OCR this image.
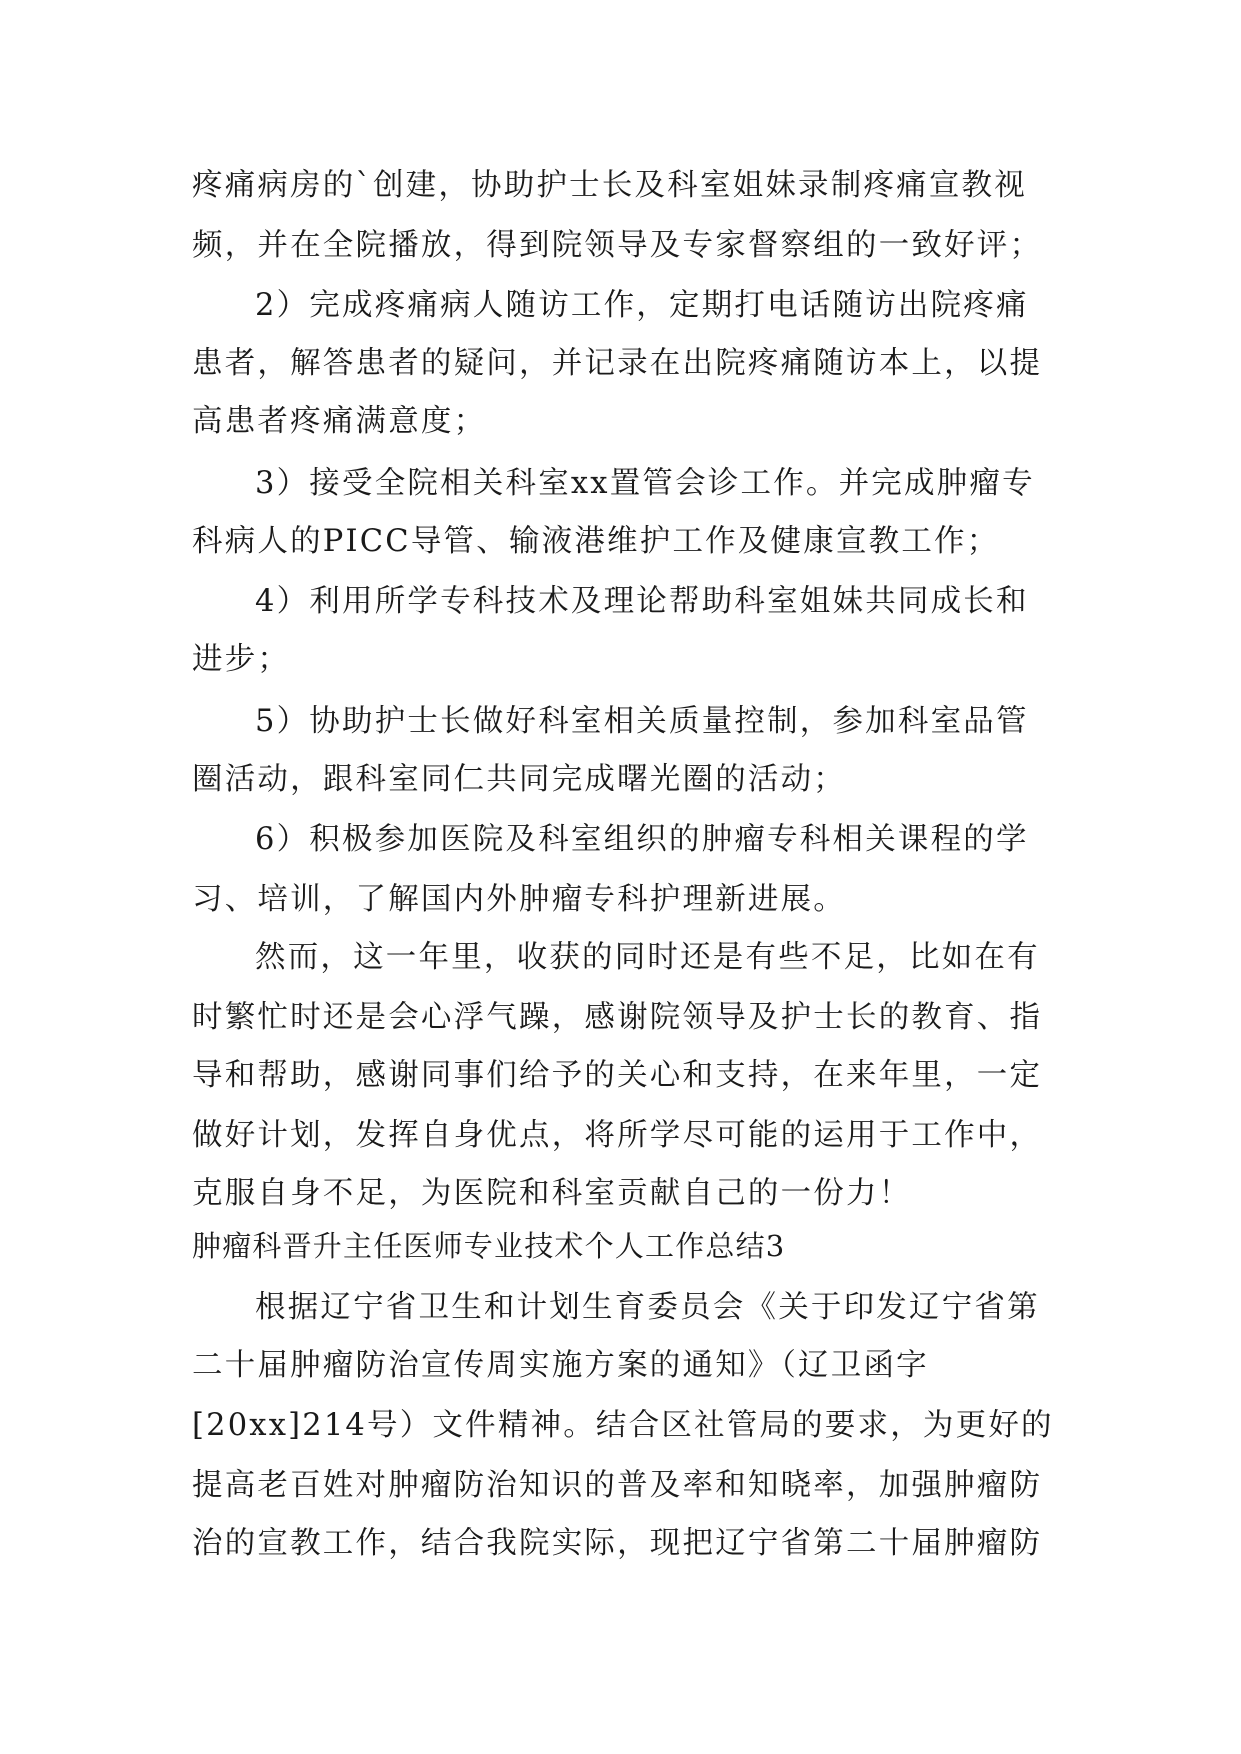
疼痛病房的`创建，协助护士长及科室姐妹录制疼痛宣教视
频，并在全院播放，得到院领导及专家督察组的一致好评；
2）完成疼痛病人随访工作，定期打电话随访出院疼痛
患者，解答患者的疑问，并记录在出院疼痛随访本上，以提
高患者疼痛满意度；
3）接受全院相关科室xx置管会诊工作。并完成肿瘤专
科病人的PICC导管、输液港维护工作及健康宣教工作；
4）利用所学专科技术及理论帮助科室姐妹共同成长和
进步；
5）协助护士长做好科室相关质量控制，参加科室品管
圈活动，跟科室同仁共同完成曙光圈的活动；
6）积极参加医院及科室组织的肿瘤专科相关课程的学
习、培训，了解国内外肿瘤专科护理新进展。
然而，这一年里，收获的同时还是有些不足，比如在有
时繁忙时还是会心浮气躁，感谢院领导及护士长的教育、指
导和帮助，感谢同事们给予的关心和支持，在来年里，一定
做好计划，发挥自身优点，将所学尽可能的运用于工作中，
克服自身不足，为医院和科室贡献自己的一份力！
肿瘤科晋升主任医师专业技术个人工作总结3
根据辽宁省卫生和计划生育委员会《关于印发辽宁省第
二十届肿瘤防治宣传周实施方案的通知》（辽卫函字
[20xx]214号）文件精神。结合区社管局的要求，为更好的
提高老百姓对肿瘤防治知识的普及率和知晓率，加强肿瘤防
治的宣教工作，结合我院实际，现把辽宁省第二十届肿瘤防
